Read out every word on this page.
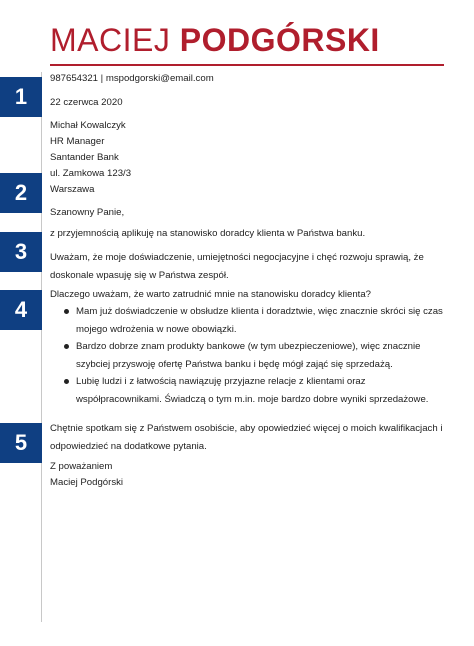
MACIEJ PODGÓRSKI
987654321 | mspodgorski@email.com
1
2
3
4
5
22 czerwca 2020
Michał Kowalczyk
HR Manager
Santander Bank
ul. Zamkowa 123/3
Warszawa
Szanowny Panie,
z przyjemnością aplikuję na stanowisko doradcy klienta w Państwa banku.
Uważam, że moje doświadczenie, umiejętności negocjacyjne i chęć rozwoju sprawią, że doskonale wpasuję się w Państwa zespół.
Dlaczego uważam, że warto zatrudnić mnie na stanowisku doradcy klienta?
Mam już doświadczenie w obsłudze klienta i doradztwie, więc znacznie skróci się czas mojego wdrożenia w nowe obowiązki.
Bardzo dobrze znam produkty bankowe (w tym ubezpieczeniowe), więc znacznie szybciej przyswoję ofertę Państwa banku i będę mógł zająć się sprzedażą.
Lubię ludzi i z łatwością nawiązuję przyjazne relacje z klientami oraz współpracownikami. Świadczą o tym m.in. moje bardzo dobre wyniki sprzedażowe.
Chętnie spotkam się z Państwem osobiście, aby opowiedzieć więcej o moich kwalifikacjach i odpowiedzieć na dodatkowe pytania.
Z poważaniem
Maciej Podgórski
